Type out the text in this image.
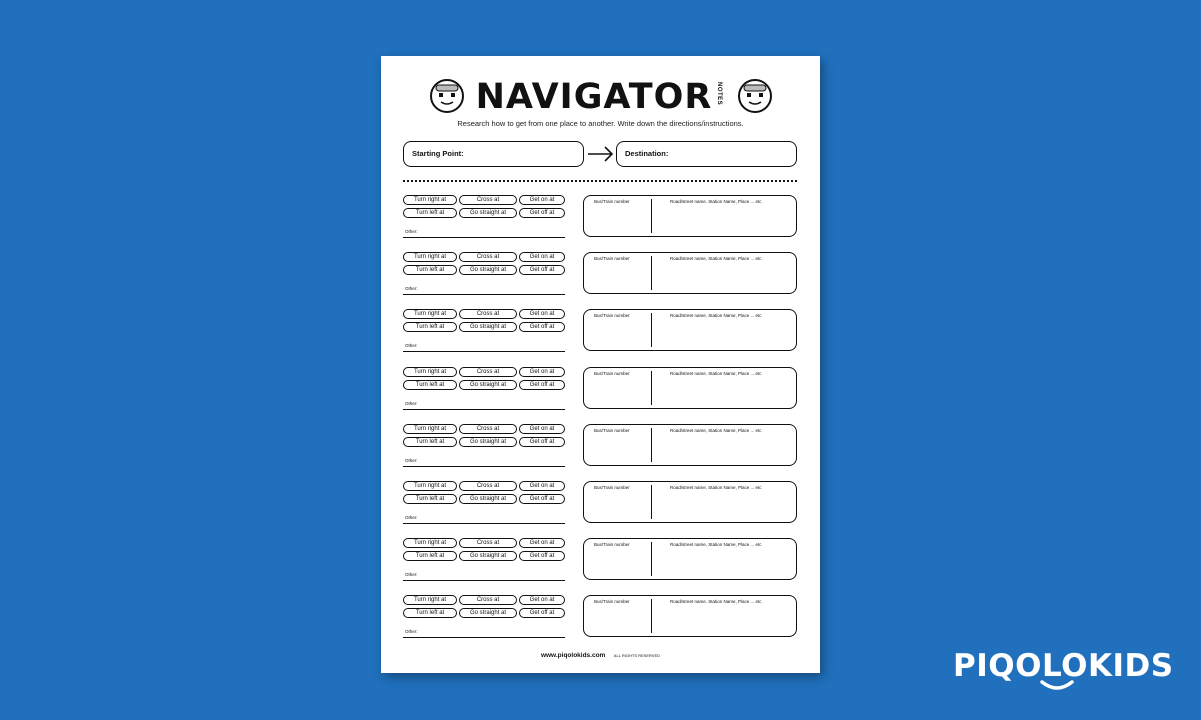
NAVIGATOR NOTES
Research how to get from one place to another. Write down the directions/instructions.
Starting Point:	Destination:
Turn right at	Cross at	Get on at
Turn left at	Go straight at	Get off at
Other:
Bus/Train number	Road/street name, Station Name, Place ... etc
Turn right at	Cross at	Get on at
Turn left at	Go straight at	Get off at
Other:
Bus/Train number	Road/street name, Station Name, Place ... etc
Turn right at	Cross at	Get on at
Turn left at	Go straight at	Get off at
Other:
Bus/Train number	Road/street name, Station Name, Place ... etc
Turn right at	Cross at	Get on at
Turn left at	Go straight at	Get off at
Other:
Bus/Train number	Road/street name, Station Name, Place ... etc
Turn right at	Cross at	Get on at
Turn left at	Go straight at	Get off at
Other:
Bus/Train number	Road/street name, Station Name, Place ... etc
Turn right at	Cross at	Get on at
Turn left at	Go straight at	Get off at
Other:
Bus/Train number	Road/street name, Station Name, Place ... etc
Turn right at	Cross at	Get on at
Turn left at	Go straight at	Get off at
Other:
Bus/Train number	Road/street name, Station Name, Place ... etc
Turn right at	Cross at	Get on at
Turn left at	Go straight at	Get off at
Other:
Bus/Train number	Road/street name, Station Name, Place ... etc
www.piqolokids.com ALL RIGHTS RESERVED	PIQOLOKIDS
